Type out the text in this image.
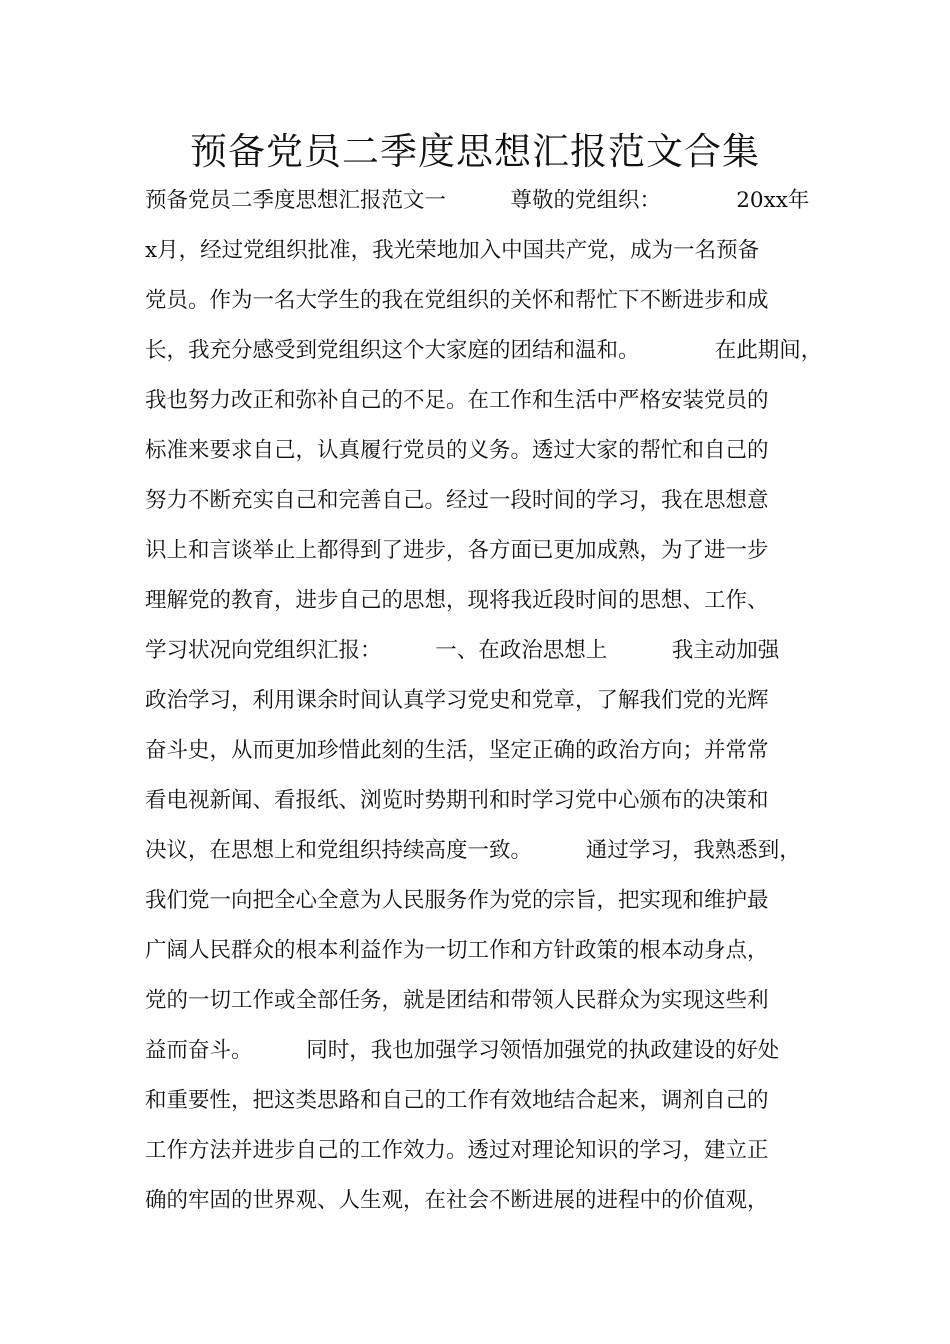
预备党员二季度思想汇报范文合集
预备党员二季度思想汇报范文一　　　尊敬的党组织：　　　　20xx年
x月，经过党组织批准，我光荣地加入中国共产党，成为一名预备
党员。作为一名大学生的我在党组织的关怀和帮忙下不断进步和成
长，我充分感受到党组织这个大家庭的团结和温和。　　　　在此期间，
我也努力改正和弥补自己的不足。在工作和生活中严格安装党员的
标准来要求自己，认真履行党员的义务。透过大家的帮忙和自己的
努力不断充实自己和完善自己。经过一段时间的学习，我在思想意
识上和言谈举止上都得到了进步，各方面已更加成熟，为了进一步
理解党的教育，进步自己的思想，现将我近段时间的思想、工作、
学习状况向党组织汇报：　　　一、在政治思想上　　　我主动加强
政治学习，利用课余时间认真学习党史和党章，了解我们党的光辉
奋斗史，从而更加珍惜此刻的生活，坚定正确的政治方向；并常常
看电视新闻、看报纸、浏览时势期刊和时学习党中心颁布的决策和
决议，在思想上和党组织持续高度一致。　　　通过学习，我熟悉到，
我们党一向把全心全意为人民服务作为党的宗旨，把实现和维护最
广阔人民群众的根本利益作为一切工作和方针政策的根本动身点，
党的一切工作或全部任务，就是团结和带领人民群众为实现这些利
益而奋斗。　　　同时，我也加强学习领悟加强党的执政建设的好处
和重要性，把这类思路和自己的工作有效地结合起来，调剂自己的
工作方法并进步自己的工作效力。透过对理论知识的学习，建立正
确的牢固的世界观、人生观，在社会不断进展的进程中的价值观，
